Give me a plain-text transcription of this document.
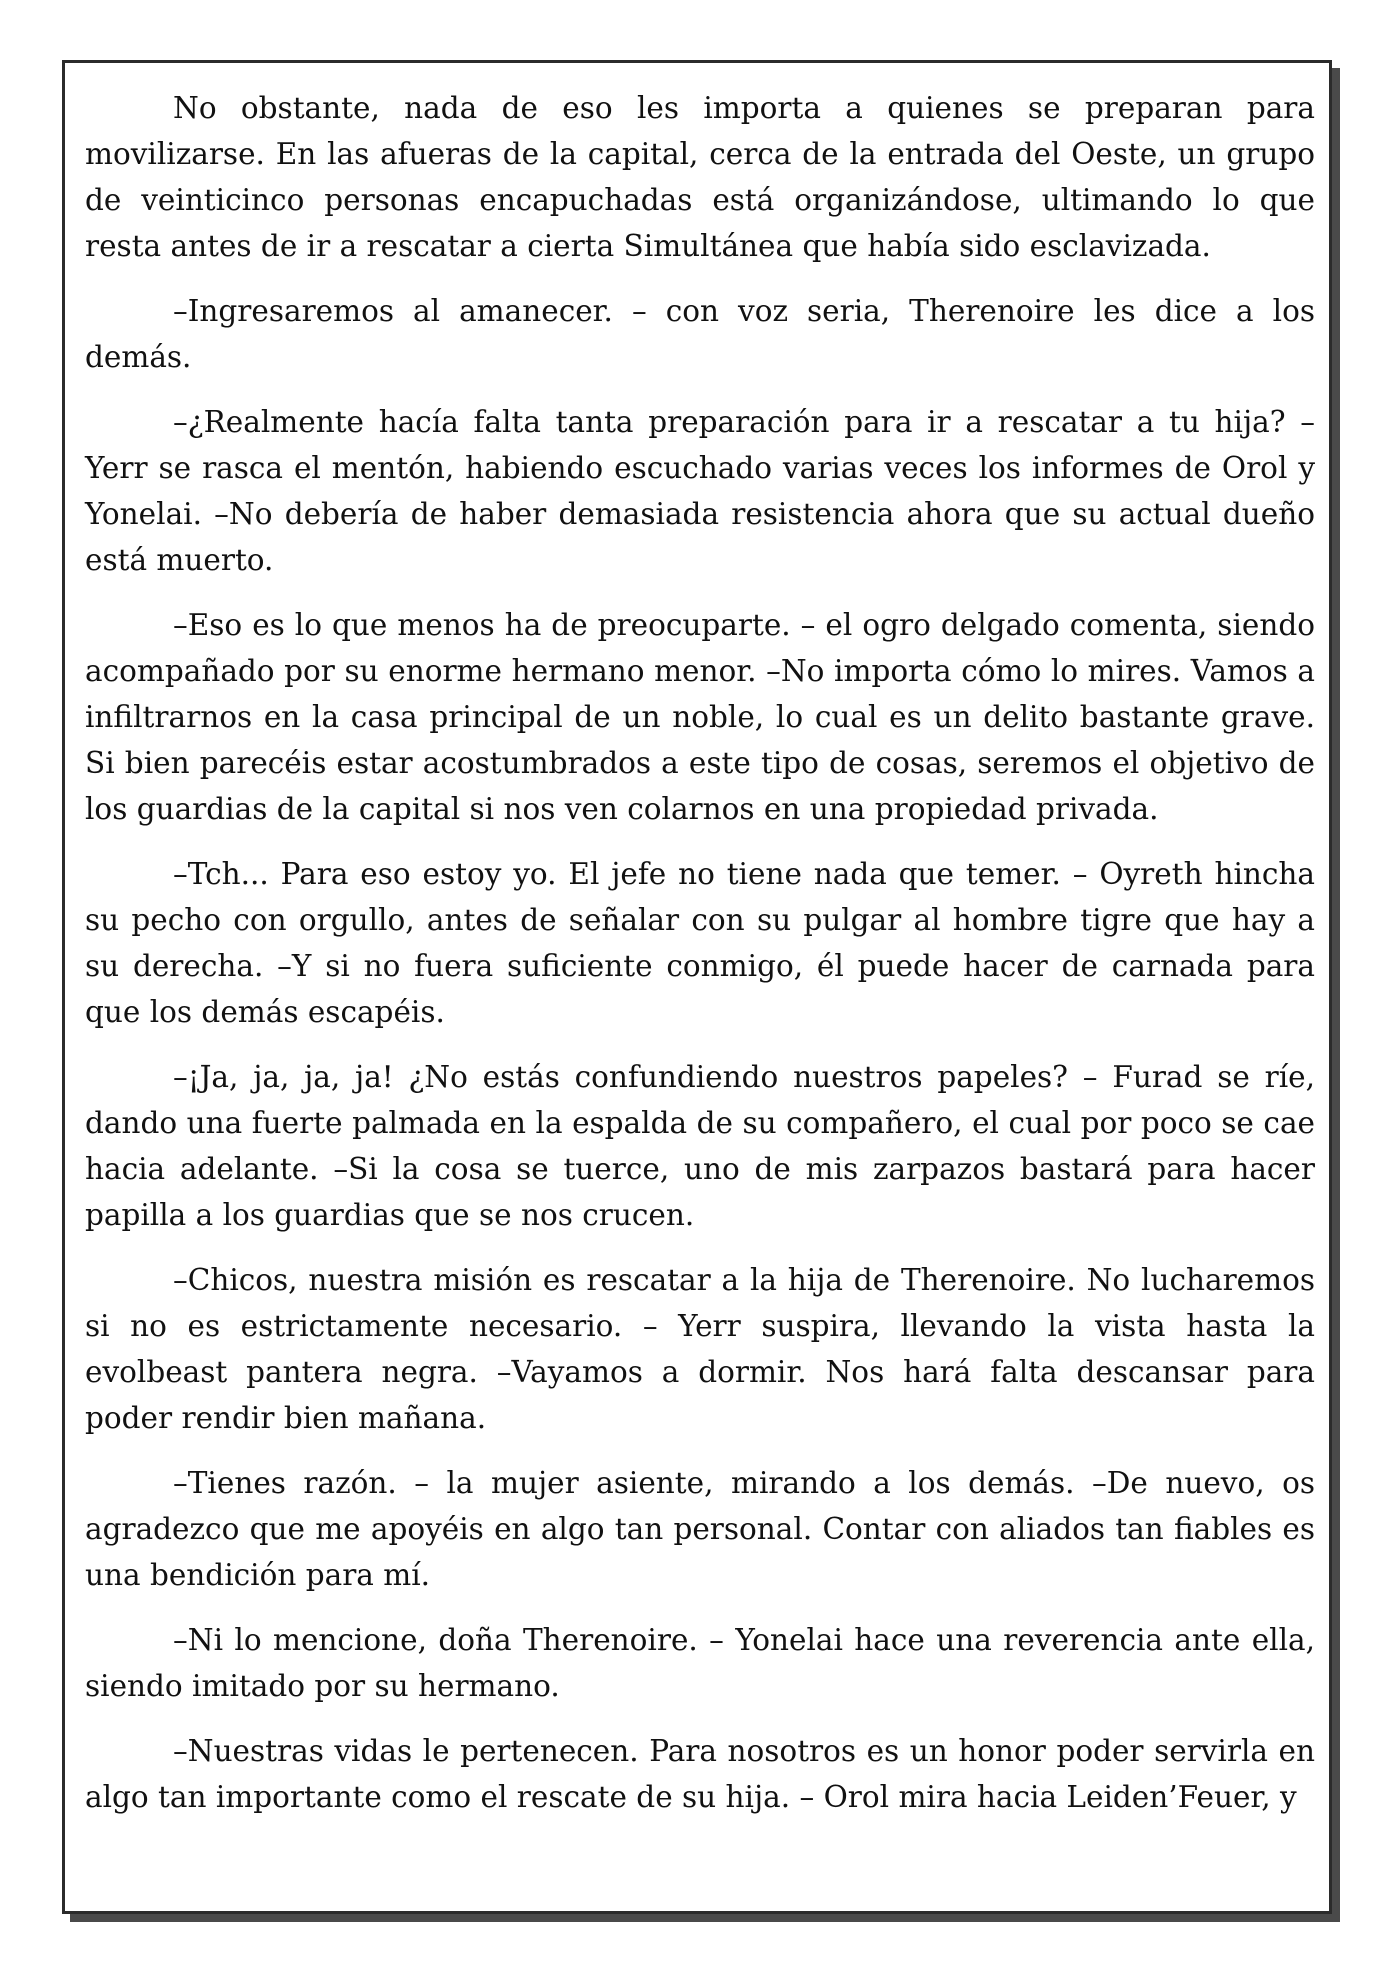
No obstante, nada de eso les importa a quienes se preparan para movilizarse. En las afueras de la capital, cerca de la entrada del Oeste, un grupo de veinticinco personas encapuchadas está organizándose, ultimando lo que resta antes de ir a rescatar a cierta Simultánea que había sido esclavizada.

–Ingresaremos al amanecer. – con voz seria, Therenoire les dice a los demás.

–¿Realmente hacía falta tanta preparación para ir a rescatar a tu hija? – Yerr se rasca el mentón, habiendo escuchado varias veces los informes de Orol y Yonelai. –No debería de haber demasiada resistencia ahora que su actual dueño está muerto.

–Eso es lo que menos ha de preocuparte. – el ogro delgado comenta, siendo acompañado por su enorme hermano menor. –No importa cómo lo mires. Vamos a infiltrarnos en la casa principal de un noble, lo cual es un delito bastante grave. Si bien parecéis estar acostumbrados a este tipo de cosas, seremos el objetivo de los guardias de la capital si nos ven colarnos en una propiedad privada.

–Tch... Para eso estoy yo. El jefe no tiene nada que temer. – Oyreth hincha su pecho con orgullo, antes de señalar con su pulgar al hombre tigre que hay a su derecha. –Y si no fuera suficiente conmigo, él puede hacer de carnada para que los demás escapéis.

–¡Ja, ja, ja, ja! ¿No estás confundiendo nuestros papeles? – Furad se ríe, dando una fuerte palmada en la espalda de su compañero, el cual por poco se cae hacia adelante. –Si la cosa se tuerce, uno de mis zarpazos bastará para hacer papilla a los guardias que se nos crucen.

–Chicos, nuestra misión es rescatar a la hija de Therenoire. No lucharemos si no es estrictamente necesario. – Yerr suspira, llevando la vista hasta la evolbeast pantera negra. –Vayamos a dormir. Nos hará falta descansar para poder rendir bien mañana.

–Tienes razón. – la mujer asiente, mirando a los demás. –De nuevo, os agradezco que me apoyéis en algo tan personal. Contar con aliados tan fiables es una bendición para mí.

–Ni lo mencione, doña Therenoire. – Yonelai hace una reverencia ante ella, siendo imitado por su hermano.

–Nuestras vidas le pertenecen. Para nosotros es un honor poder servirla en algo tan importante como el rescate de su hija. – Orol mira hacia Leiden’Feuer, y
